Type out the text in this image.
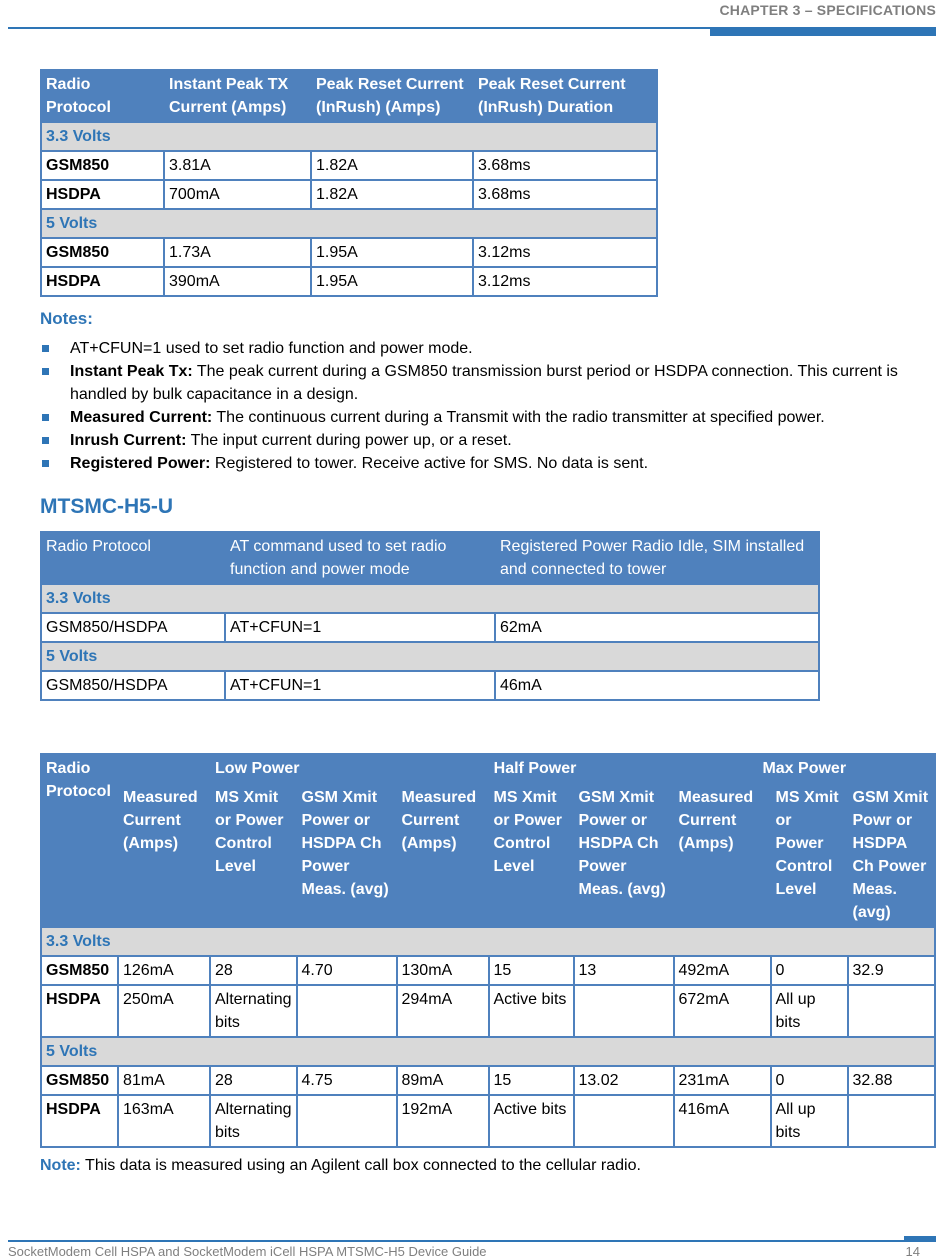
CHAPTER 3 – SPECIFICATIONS
Radio Protocol	Instant Peak TX Current (Amps)	Peak Reset Current (InRush) (Amps)	Peak Reset Current (InRush) Duration
3.3 Volts			
GSM850	3.81A	1.82A	3.68ms
HSDPA	700mA	1.82A	3.68ms
5 Volts			
GSM850	1.73A	1.95A	3.12ms
HSDPA	390mA	1.95A	3.12ms
Notes:
AT+CFUN=1 used to set radio function and power mode.
Instant Peak Tx: The peak current during a GSM850 transmission burst period or HSDPA connection. This current is handled by bulk capacitance in a design.
Measured Current: The continuous current during a Transmit with the radio transmitter at specified power.
Inrush Current: The input current during power up, or a reset.
Registered Power: Registered to tower. Receive active for SMS. No data is sent.
MTSMC-H5-U
Radio Protocol	AT command used to set radio function and power mode	Registered Power Radio Idle, SIM installed and connected to tower
3.3 Volts		
GSM850/HSDPA	AT+CFUN=1	62mA
5 Volts		
GSM850/HSDPA	AT+CFUN=1	46mA
Radio Protocol	Low Power			Half Power			Max Power		
	Measured Current (Amps)	MS Xmit or Power Control Level	GSM Xmit Power or HSDPA Ch Power Meas. (avg)	Measured Current (Amps)	MS Xmit or Power Control Level	GSM Xmit Power or HSDPA Ch Power Meas. (avg)	Measured Current (Amps)	MS Xmit or Power Control Level	GSM Xmit Powr or HSDPA Ch Power Meas. (avg)
3.3 Volts									
GSM850	126mA	28	4.70	130mA	15	13	492mA	0	32.9
HSDPA	250mA	Alternating bits		294mA	Active bits		672mA	All up bits	
5 Volts									
GSM850	81mA	28	4.75	89mA	15	13.02	231mA	0	32.88
HSDPA	163mA	Alternating bits		192mA	Active bits		416mA	All up bits	
Note: This data is measured using an Agilent call box connected to the cellular radio.
SocketModem Cell HSPA and SocketModem iCell HSPA MTSMC-H5 Device Guide	14
